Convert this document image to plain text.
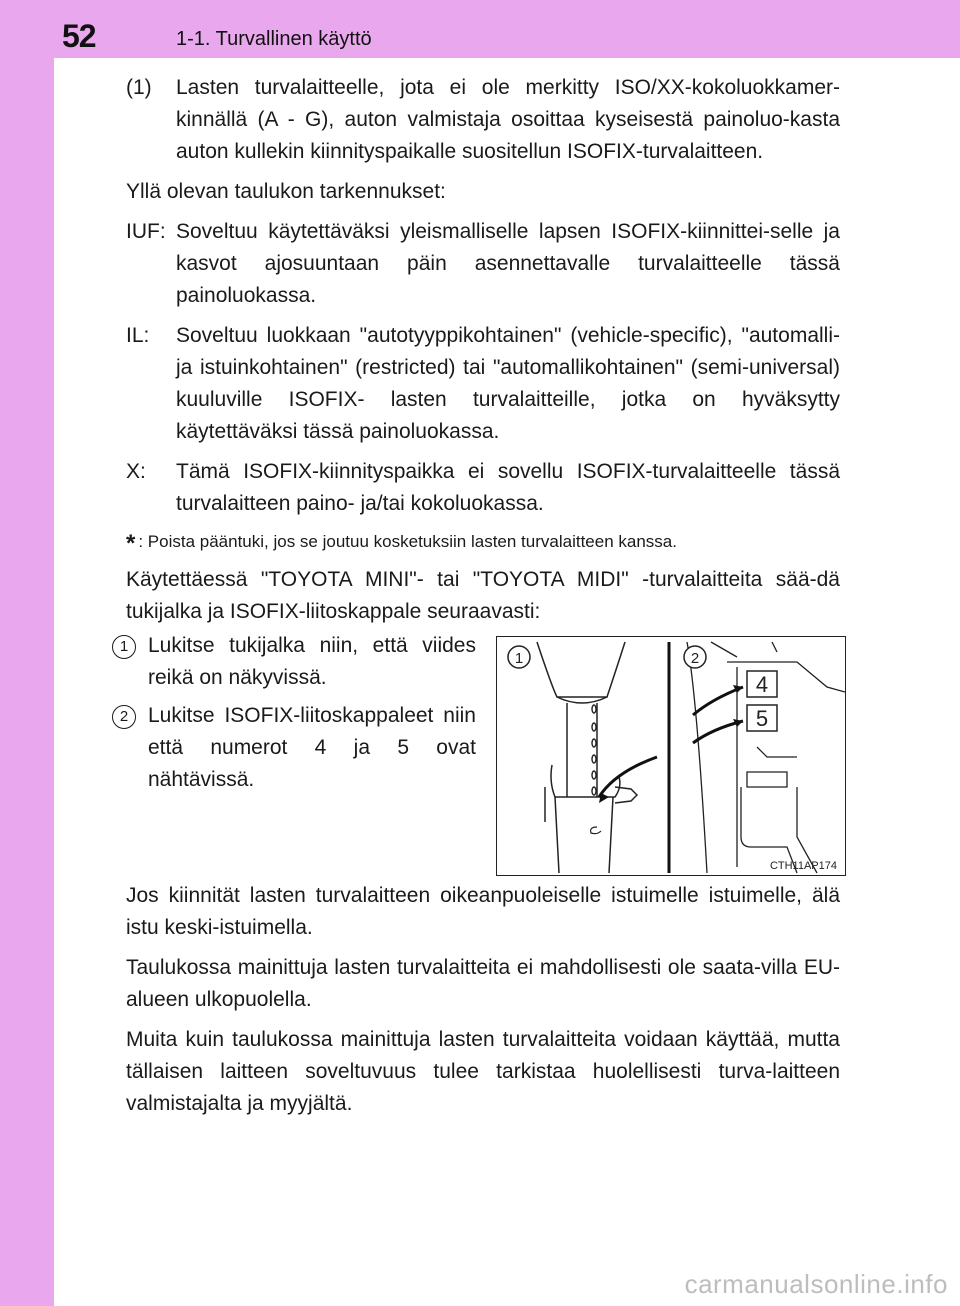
52	1-1. Turvallinen käyttö
(1)	Lasten turvalaitteelle, jota ei ole merkitty ISO/XX-kokoluokkamer-kinnällä (A - G), auton valmistaja osoittaa kyseisestä painoluo-kasta auton kullekin kiinnityspaikalle suositellun ISOFIX-turvalaitteen.

Yllä olevan taulukon tarkennukset:

IUF: Soveltuu käytettäväksi yleismalliselle lapsen ISOFIX-kiinnittei-selle ja kasvot ajosuuntaan päin asennettavalle turvalaitteelle tässä painoluokassa.
IL:	Soveltuu luokkaan "autotyyppikohtainen" (vehicle-specific), "automalli- ja istuinkohtainen" (restricted) tai "automallikohtainen" (semi-universal) kuuluville ISOFIX- lasten turvalaitteille, jotka on hyväksytty käytettäväksi tässä painoluokassa.
X:	Tämä ISOFIX-kiinnityspaikka ei sovellu ISOFIX-turvalaitteelle tässä turvalaitteen paino- ja/tai kokoluokassa.
* : Poista pääntuki, jos se joutuu kosketuksiin lasten turvalaitteen kanssa.

Käytettäessä "TOYOTA MINI"- tai "TOYOTA MIDI" -turvalaitteita sää-dä tukijalka ja ISOFIX-liitoskappale seuraavasti:

1 Lukitse tukijalka niin, että viides reikä on näkyvissä.
2 Lukitse ISOFIX-liitoskappaleet niin että numerot 4 ja 5 ovat nähtävissä.
4
5
1	2
CTH11AP174

Jos kiinnität lasten turvalaitteen oikeanpuoleiselle istuimelle istuimelle, älä istu keski-istuimella.

Taulukossa mainittuja lasten turvalaitteita ei mahdollisesti ole saata-villa EU-alueen ulkopuolella.

Muita kuin taulukossa mainittuja lasten turvalaitteita voidaan käyttää, mutta tällaisen laitteen soveltuvuus tulee tarkistaa huolellisesti turva-laitteen valmistajalta ja myyjältä.

carmanualsonline.info
